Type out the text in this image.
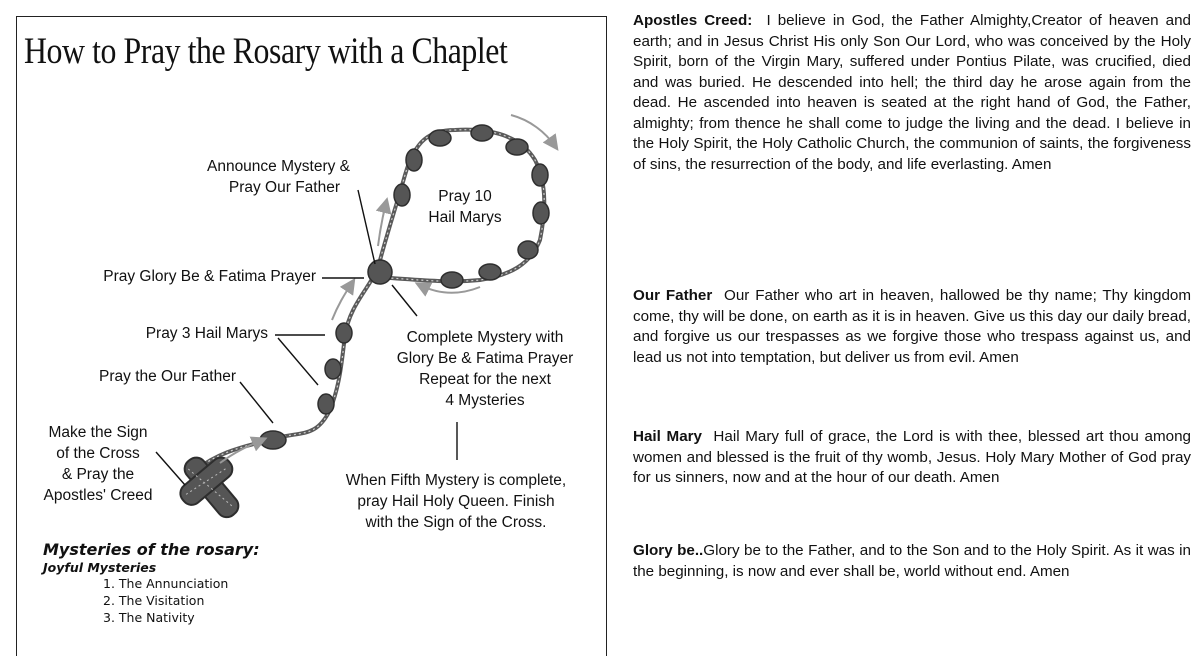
How to Pray the Rosary with a Chaplet
Announce Mystery &
Pray Our Father
Pray 10
Hail Marys
Pray Glory Be & Fatima Prayer
Pray 3 Hail Marys	Complete Mystery with
Glory Be & Fatima Prayer
Repeat for the next
4 Mysteries
Pray the Our Father
Make the Sign
of the Cross
& Pray the
Apostles' Creed
When Fifth Mystery is complete,
pray Hail Holy Queen. Finish
with the Sign of the Cross.
Mysteries of the rosary:
Joyful Mysteries
1. The Annunciation
2. The Visitation
3. The Nativity

Apostles Creed: I believe in God, the Father Almighty,Creator of heaven and earth; and in Jesus Christ His only Son Our Lord, who was conceived by the Holy Spirit, born of the Virgin Mary, suffered under Pontius Pilate, was crucified, died and was buried. He descended into hell; the third day he arose again from the dead. He ascended into heaven is seated at the right hand of God, the Father, almighty; from thence he shall come to judge the living and the dead. I believe in the Holy Spirit, the Holy Catholic Church, the communion of saints, the forgiveness of sins, the resurrection of the body, and life everlasting. Amen

Our Father Our Father who art in heaven, hallowed be thy name; Thy kingdom come, thy will be done, on earth as it is in heaven. Give us this day our daily bread, and forgive us our trespasses as we forgive those who trespass against us, and lead us not into temptation, but deliver us from evil. Amen

Hail Mary Hail Mary full of grace, the Lord is with thee, blessed art thou among women and blessed is the fruit of thy womb, Jesus. Holy Mary Mother of God pray for us sinners, now and at the hour of our death. Amen

Glory be..Glory be to the Father, and to the Son and to the Holy Spirit. As it was in the beginning, is now and ever shall be, world without end. Amen
